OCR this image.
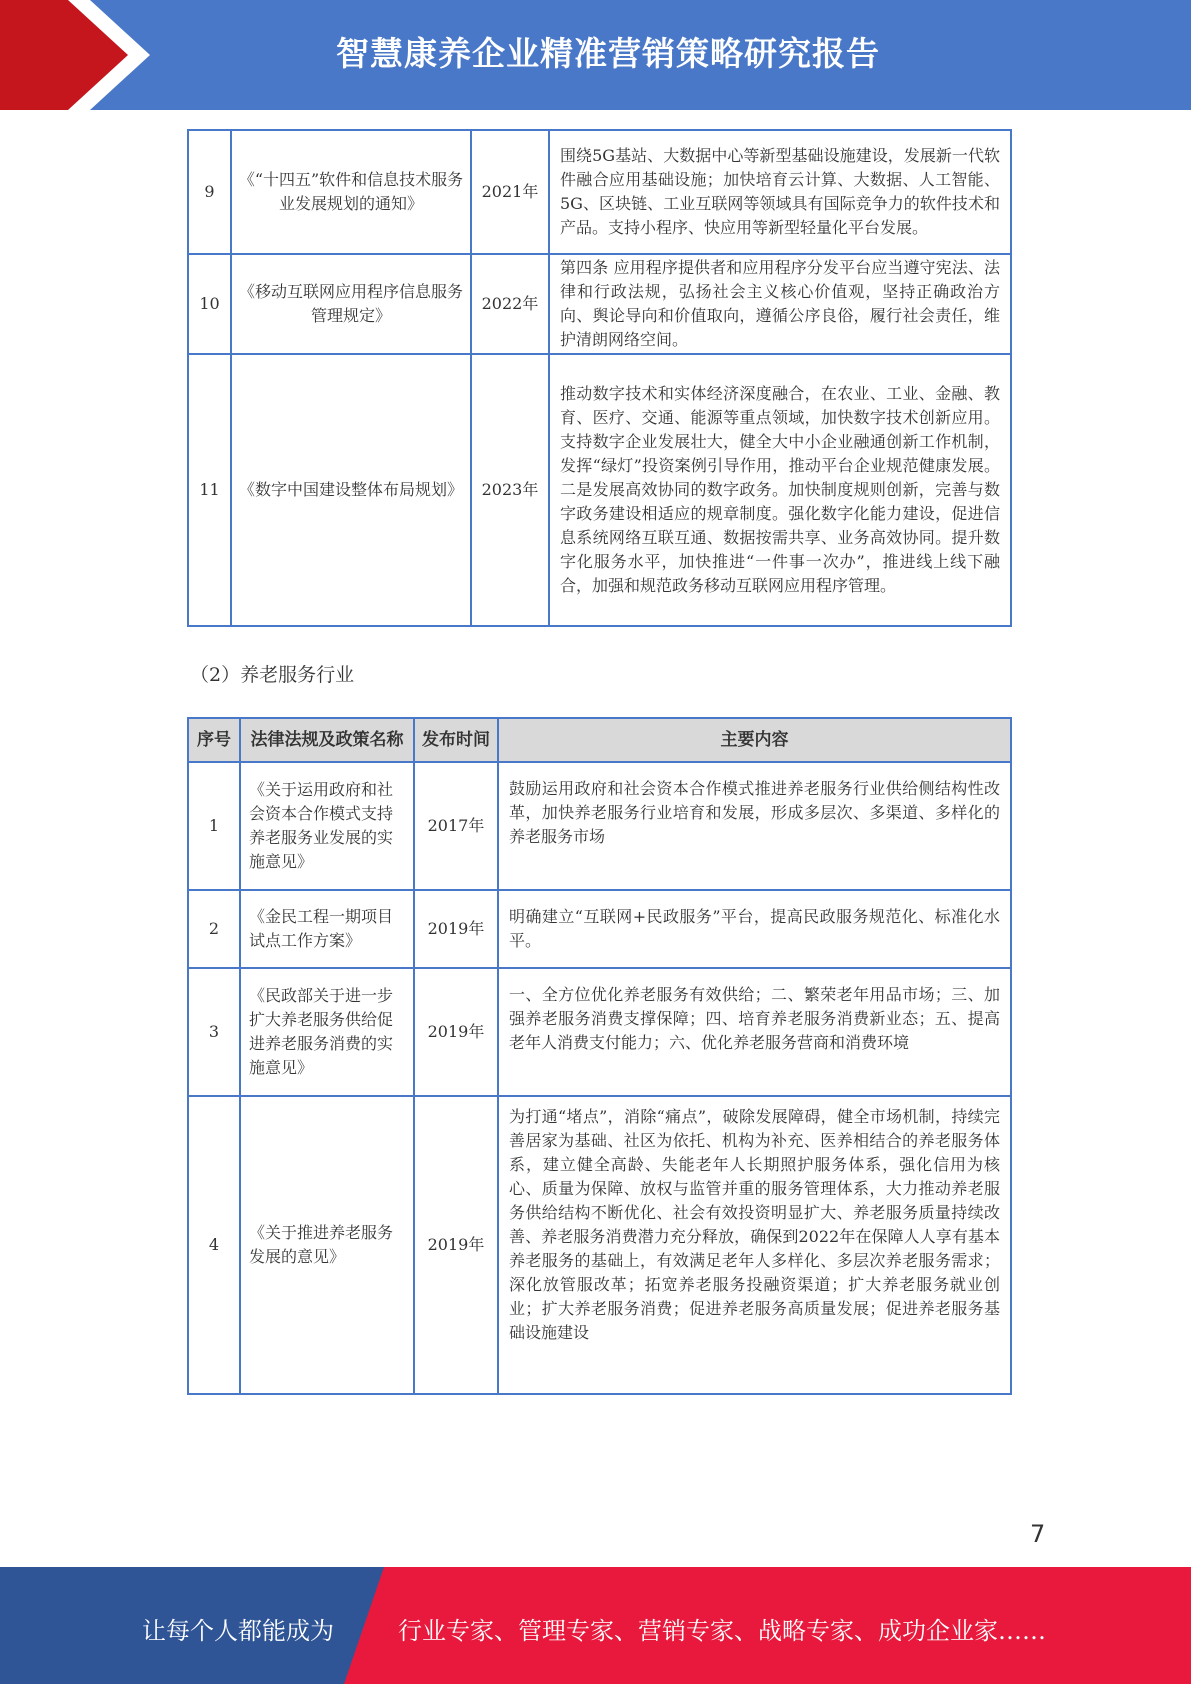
智慧康养企业精准营销策略研究报告
9	《“十四五”软件和信息技术服务业发展规划的通知》	2021年	围绕5G基站、大数据中心等新型基础设施建设，发展新一代软件融合应用基础设施；加快培育云计算、大数据、人工智能、5G、区块链、工业互联网等领域具有国际竞争力的软件技术和产品。支持小程序、快应用等新型轻量化平台发展。
10	《移动互联网应用程序信息服务管理规定》	2022年	第四条 应用程序提供者和应用程序分发平台应当遵守宪法、法律和行政法规，弘扬社会主义核心价值观，坚持正确政治方向、舆论导向和价值取向，遵循公序良俗，履行社会责任，维护清朗网络空间。
11	《数字中国建设整体布局规划》	2023年	推动数字技术和实体经济深度融合，在农业、工业、金融、教育、医疗、交通、能源等重点领域，加快数字技术创新应用。支持数字企业发展壮大，健全大中小企业融通创新工作机制，发挥“绿灯”投资案例引导作用，推动平台企业规范健康发展。二是发展高效协同的数字政务。加快制度规则创新，完善与数字政务建设相适应的规章制度。强化数字化能力建设，促进信息系统网络互联互通、数据按需共享、业务高效协同。提升数字化服务水平，加快推进“一件事一次办”，推进线上线下融合，加强和规范政务移动互联网应用程序管理。
（2）养老服务行业
序号	法律法规及政策名称	发布时间	主要内容
1	《关于运用政府和社会资本合作模式支持养老服务业发展的实施意见》	2017年	鼓励运用政府和社会资本合作模式推进养老服务行业供给侧结构性改革，加快养老服务行业培育和发展，形成多层次、多渠道、多样化的养老服务市场
2	《金民工程一期项目试点工作方案》	2019年	明确建立“互联网+民政服务”平台，提高民政服务规范化、标准化水平。
3	《民政部关于进一步扩大养老服务供给促进养老服务消费的实施意见》	2019年	一、全方位优化养老服务有效供给；二、繁荣老年用品市场；三、加强养老服务消费支撑保障；四、培育养老服务消费新业态；五、提高老年人消费支付能力；六、优化养老服务营商和消费环境
4	《关于推进养老服务发展的意见》	2019年	为打通“堵点”，消除“痛点”，破除发展障碍，健全市场机制，持续完善居家为基础、社区为依托、机构为补充、医养相结合的养老服务体系，建立健全高龄、失能老年人长期照护服务体系，强化信用为核心、质量为保障、放权与监管并重的服务管理体系，大力推动养老服务供给结构不断优化、社会有效投资明显扩大、养老服务质量持续改善、养老服务消费潜力充分释放，确保到2022年在保障人人享有基本养老服务的基础上，有效满足老年人多样化、多层次养老服务需求；深化放管服改革；拓宽养老服务投融资渠道；扩大养老服务就业创业；扩大养老服务消费；促进养老服务高质量发展；促进养老服务基础设施建设
7
让每个人都能成为	行业专家、管理专家、营销专家、战略专家、成功企业家……
